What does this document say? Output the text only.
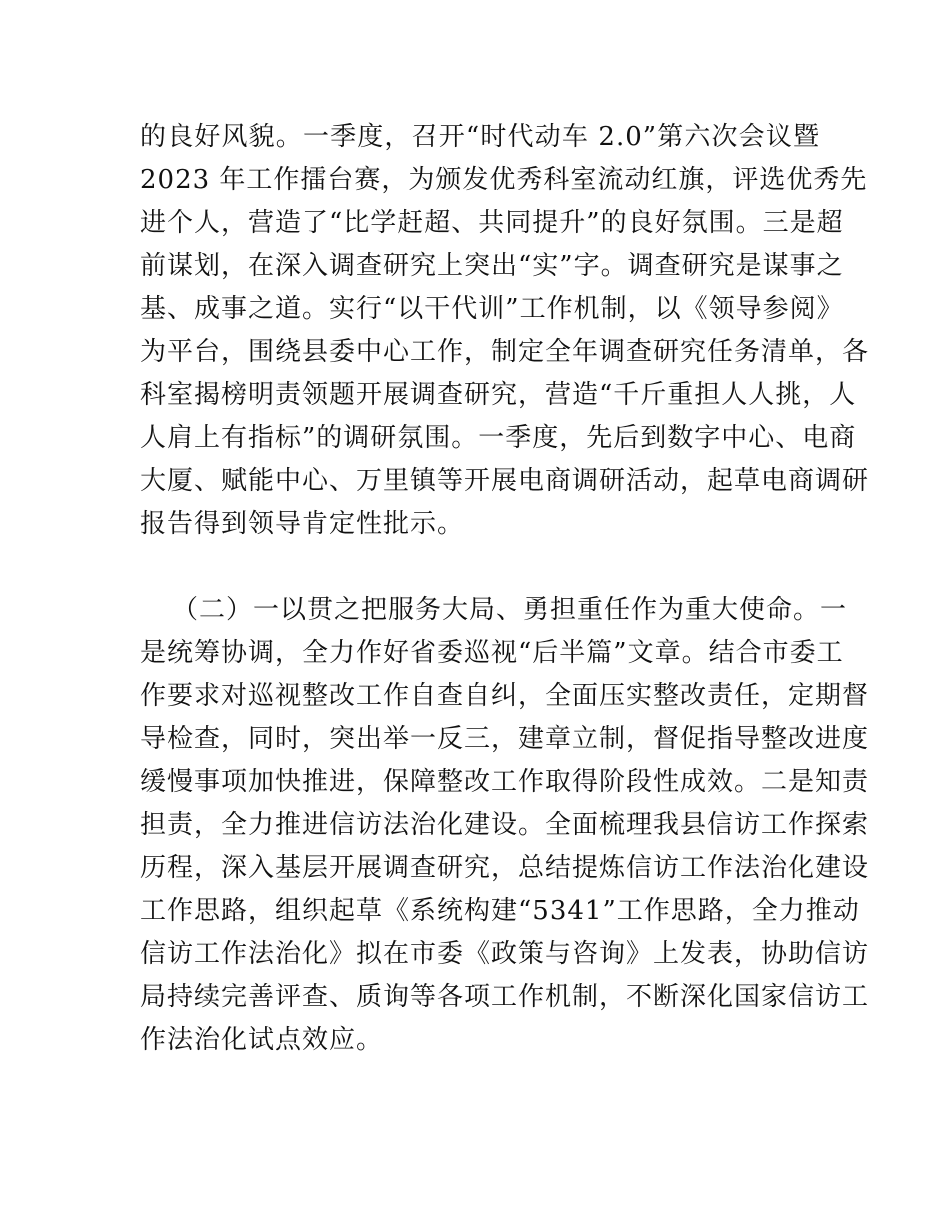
的良好风貌。一季度，召开“时代动车 2.0”第六次会议暨
2023 年工作擂台赛，为颁发优秀科室流动红旗，评选优秀先
进个人，营造了“比学赶超、共同提升”的良好氛围。三是超
前谋划，在深入调查研究上突出“实”字。调查研究是谋事之
基、成事之道。实行“以干代训”工作机制，以《领导参阅》
为平台，围绕县委中心工作，制定全年调查研究任务清单，各
科室揭榜明责领题开展调查研究，营造“千斤重担人人挑，人
人肩上有指标”的调研氛围。一季度，先后到数字中心、电商
大厦、赋能中心、万里镇等开展电商调研活动，起草电商调研
报告得到领导肯定性批示。
（二）一以贯之把服务大局、勇担重任作为重大使命。一
是统筹协调，全力作好省委巡视“后半篇”文章。结合市委工
作要求对巡视整改工作自查自纠，全面压实整改责任，定期督
导检查，同时，突出举一反三，建章立制，督促指导整改进度
缓慢事项加快推进，保障整改工作取得阶段性成效。二是知责
担责，全力推进信访法治化建设。全面梳理我县信访工作探索
历程，深入基层开展调查研究，总结提炼信访工作法治化建设
工作思路，组织起草《系统构建“5341”工作思路，全力推动
信访工作法治化》拟在市委《政策与咨询》上发表，协助信访
局持续完善评查、质询等各项工作机制，不断深化国家信访工
作法治化试点效应。
